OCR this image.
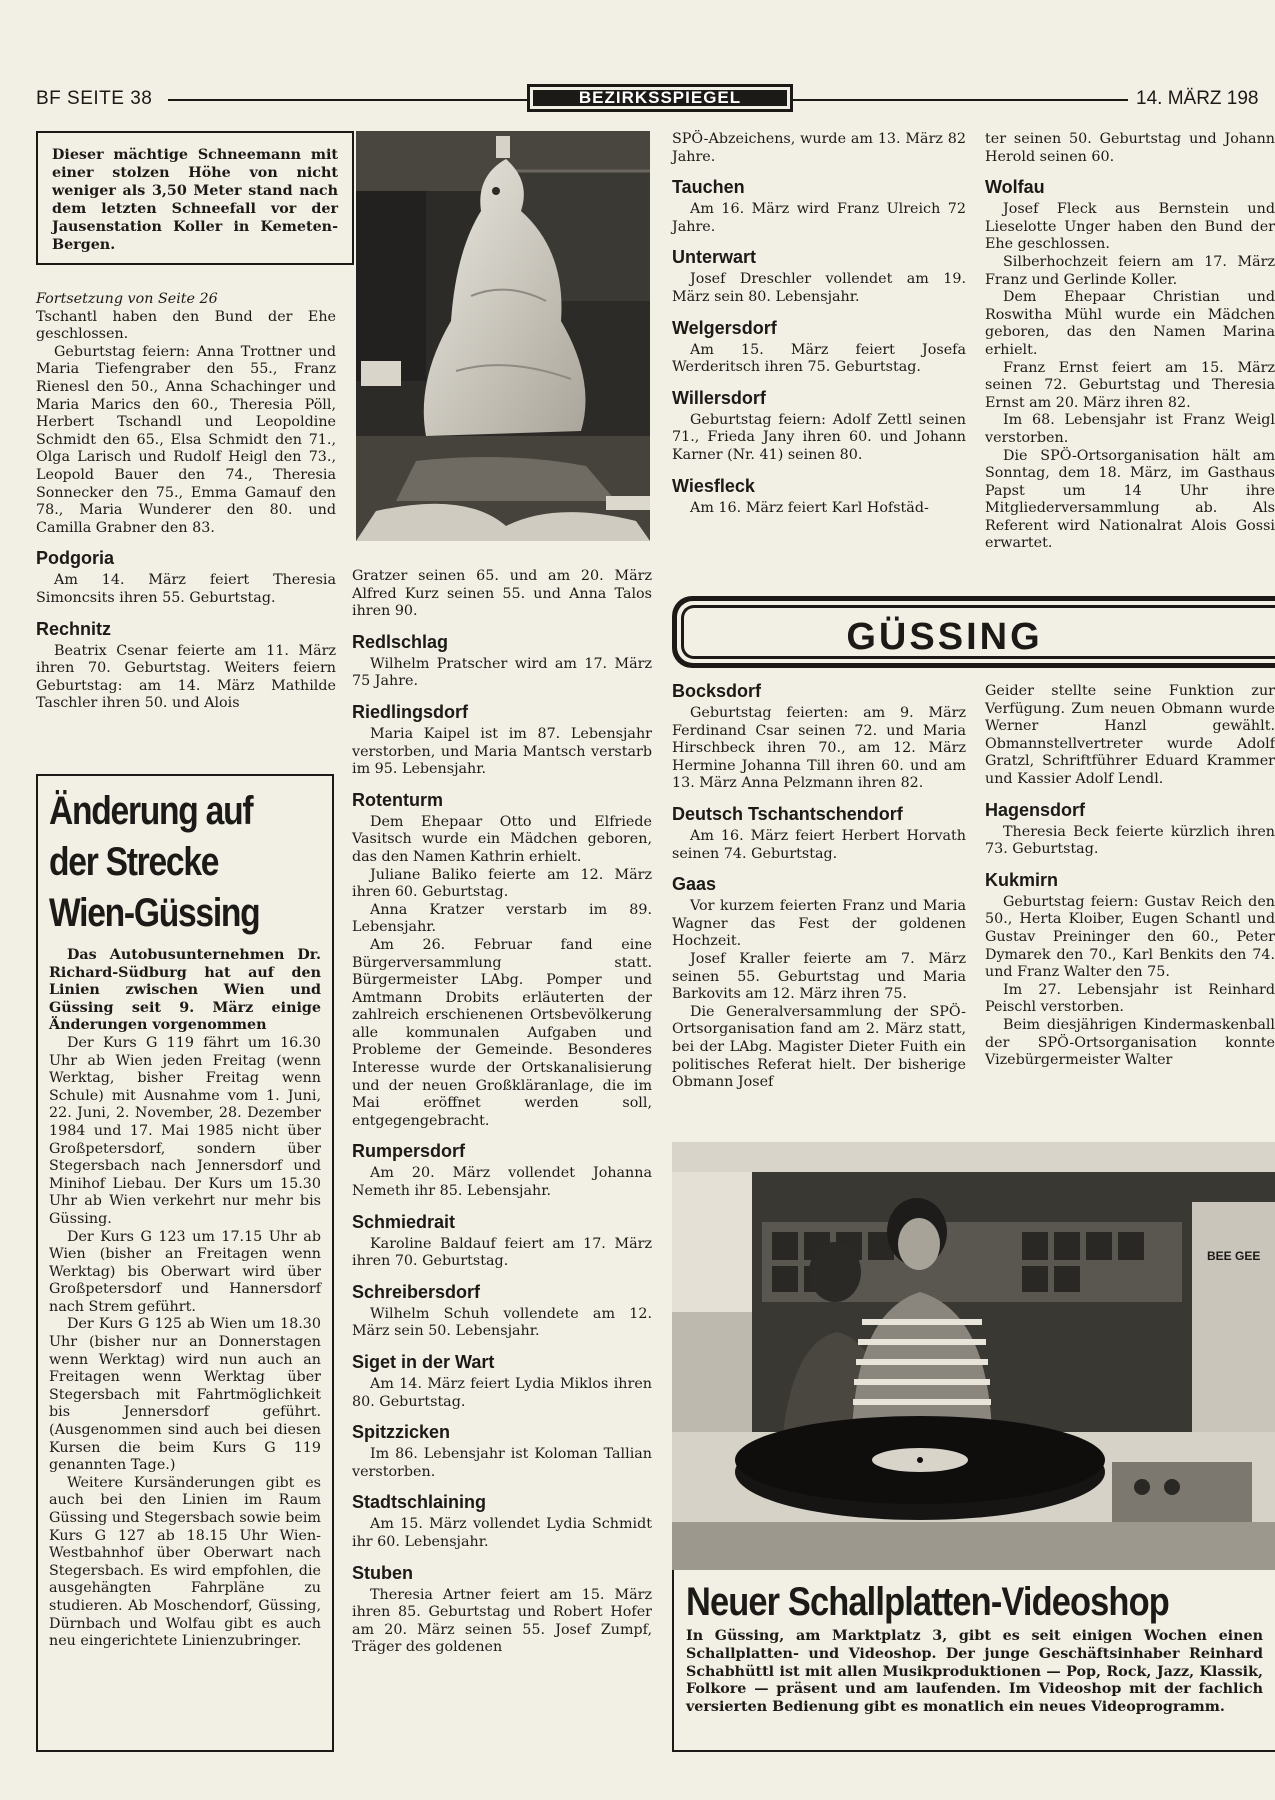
BF SEITE 38	BEZIRKSSPIEGEL	14. MÄRZ 198
Dieser mächtige Schneemann mit einer stolzen Höhe von nicht weniger als 3,50 Meter stand nach dem letzten Schneefall vor der Jausenstation Koller in Kemeten-Bergen.

Fortsetzung von Seite 26

Tschantl haben den Bund der Ehe geschlossen.

Geburtstag feiern: Anna Trottner und Maria Tiefengraber den 55., Franz Rienesl den 50., Anna Schachinger und Maria Marics den 60., Theresia Pöll, Herbert Tschandl und Leopoldine Schmidt den 65., Elsa Schmidt den 71., Olga Larisch und Rudolf Heigl den 73., Leopold Bauer den 74., Theresia Sonnecker den 75., Emma Gamauf den 78., Maria Wunderer den 80. und Camilla Grabner den 83.

Podgoria

Am 14. März feiert Theresia Simoncsits ihren 55. Geburtstag.

Rechnitz

Beatrix Csenar feierte am 11. März ihren 70. Geburtstag. Weiters feiern Geburtstag: am 14. März Mathilde Taschler ihren 50. und Alois

Änderung auf
der Strecke
Wien-Güssing

Das Autobusunternehmen Dr. Richard-Südburg hat auf den Linien zwischen Wien und Güssing seit 9. März einige Änderungen vorgenommen

Der Kurs G 119 fährt um 16.30 Uhr ab Wien jeden Freitag (wenn Werktag, bisher Freitag wenn Schule) mit Ausnahme vom 1. Juni, 22. Juni, 2. November, 28. Dezember 1984 und 17. Mai 1985 nicht über Großpetersdorf, sondern über Stegersbach nach Jennersdorf und Minihof Liebau. Der Kurs um 15.30 Uhr ab Wien verkehrt nur mehr bis Güssing.

Der Kurs G 123 um 17.15 Uhr ab Wien (bisher an Freitagen wenn Werktag) bis Oberwart wird über Großpetersdorf und Hannersdorf nach Strem geführt.

Der Kurs G 125 ab Wien um 18.30 Uhr (bisher nur an Donnerstagen wenn Werktag) wird nun auch an Freitagen wenn Werktag über Stegersbach mit Fahrtmöglichkeit bis Jennersdorf geführt. (Ausgenommen sind auch bei diesen Kursen die beim Kurs G 119 genannten Tage.)

Weitere Kursänderungen gibt es auch bei den Linien im Raum Güssing und Stegersbach sowie beim Kurs G 127 ab 18.15 Uhr Wien-Westbahnhof über Oberwart nach Stegersbach. Es wird empfohlen, die ausgehängten Fahrpläne zu studieren. Ab Moschendorf, Güssing, Dürnbach und Wolfau gibt es auch neu eingerichtete Linienzubringer.

Gratzer seinen 65. und am 20. März Alfred Kurz seinen 55. und Anna Talos ihren 90.

Redlschlag

Wilhelm Pratscher wird am 17. März 75 Jahre.

Riedlingsdorf

Maria Kaipel ist im 87. Lebensjahr verstorben, und Maria Mantsch verstarb im 95. Lebensjahr.

Rotenturm

Dem Ehepaar Otto und Elfriede Vasitsch wurde ein Mädchen geboren, das den Namen Kathrin erhielt.

Juliane Baliko feierte am 12. März ihren 60. Geburtstag.

Anna Kratzer verstarb im 89. Lebensjahr.

Am 26. Februar fand eine Bürgerversammlung statt. Bürgermeister LAbg. Pomper und Amtmann Drobits erläuterten der zahlreich erschienenen Ortsbevölkerung alle kommunalen Aufgaben und Probleme der Gemeinde. Besonderes Interesse wurde der Ortskanalisierung und der neuen Großkläranlage, die im Mai eröffnet werden soll, entgegengebracht.

Rumpersdorf

Am 20. März vollendet Johanna Nemeth ihr 85. Lebensjahr.

Schmiedrait

Karoline Baldauf feiert am 17. März ihren 70. Geburtstag.

Schreibersdorf

Wilhelm Schuh vollendete am 12. März sein 50. Lebensjahr.

Siget in der Wart

Am 14. März feiert Lydia Miklos ihren 80. Geburtstag.

Spitzzicken

Im 86. Lebensjahr ist Koloman Tallian verstorben.

Stadtschlaining

Am 15. März vollendet Lydia Schmidt ihr 60. Lebensjahr.

Stuben

Theresia Artner feiert am 15. März ihren 85. Geburtstag und Robert Hofer am 20. März seinen 55. Josef Zumpf, Träger des goldenen

SPÖ-Abzeichens, wurde am 13. März 82 Jahre.

Tauchen

Am 16. März wird Franz Ulreich 72 Jahre.

Unterwart

Josef Dreschler vollendet am 19. März sein 80. Lebensjahr.

Welgersdorf

Am 15. März feiert Josefa Werderitsch ihren 75. Geburtstag.

Willersdorf

Geburtstag feiern: Adolf Zettl seinen 71., Frieda Jany ihren 60. und Johann Karner (Nr. 41) seinen 80.

Wiesfleck

Am 16. März feiert Karl Hofstäd-

ter seinen 50. Geburtstag und Johann Herold seinen 60.

Wolfau

Josef Fleck aus Bernstein und Lieselotte Unger haben den Bund der Ehe geschlossen.

Silberhochzeit feiern am 17. März Franz und Gerlinde Koller.

Dem Ehepaar Christian und Roswitha Mühl wurde ein Mädchen geboren, das den Namen Marina erhielt.

Franz Ernst feiert am 15. März seinen 72. Geburtstag und Theresia Ernst am 20. März ihren 82.

Im 68. Lebensjahr ist Franz Weigl verstorben.

Die SPÖ-Ortsorganisation hält am Sonntag, dem 18. März, im Gasthaus Papst um 14 Uhr ihre Mitgliederversammlung ab. Als Referent wird Nationalrat Alois Gossi erwartet.

GÜSSING
Bocksdorf

Geburtstag feierten: am 9. März Ferdinand Csar seinen 72. und Maria Hirschbeck ihren 70., am 12. März Hermine Johanna Till ihren 60. und am 13. März Anna Pelzmann ihren 82.

Deutsch Tschantschendorf

Am 16. März feiert Herbert Horvath seinen 74. Geburtstag.

Gaas

Vor kurzem feierten Franz und Maria Wagner das Fest der goldenen Hochzeit.

Josef Kraller feierte am 7. März seinen 55. Geburtstag und Maria Barkovits am 12. März ihren 75.

Die Generalversammlung der SPÖ-Ortsorganisation fand am 2. März statt, bei der LAbg. Magister Dieter Fuith ein politisches Referat hielt. Der bisherige Obmann Josef

Geider stellte seine Funktion zur Verfügung. Zum neuen Obmann wurde Werner Hanzl gewählt. Obmannstellvertreter wurde Adolf Gratzl, Schriftführer Eduard Krammer und Kassier Adolf Lendl.

Hagensdorf

Theresia Beck feierte kürzlich ihren 73. Geburtstag.

Kukmirn

Geburtstag feiern: Gustav Reich den 50., Herta Kloiber, Eugen Schantl und Gustav Preininger den 60., Peter Dymarek den 70., Karl Benkits den 74. und Franz Walter den 75.

Im 27. Lebensjahr ist Reinhard Peischl verstorben.

Beim diesjährigen Kindermaskenball der SPÖ-Ortsorganisation konnte Vizebürgermeister Walter

BEE GEE
Neuer Schallplatten-Videoshop
In Güssing, am Marktplatz 3, gibt es seit einigen Wochen einen Schallplatten- und Videoshop. Der junge Geschäftsinhaber Reinhard Schabhüttl ist mit allen Musikproduktionen — Pop, Rock, Jazz, Klassik, Folkore — präsent und am laufenden. Im Videoshop mit der fachlich versierten Bedienung gibt es monatlich ein neues Videoprogramm.
